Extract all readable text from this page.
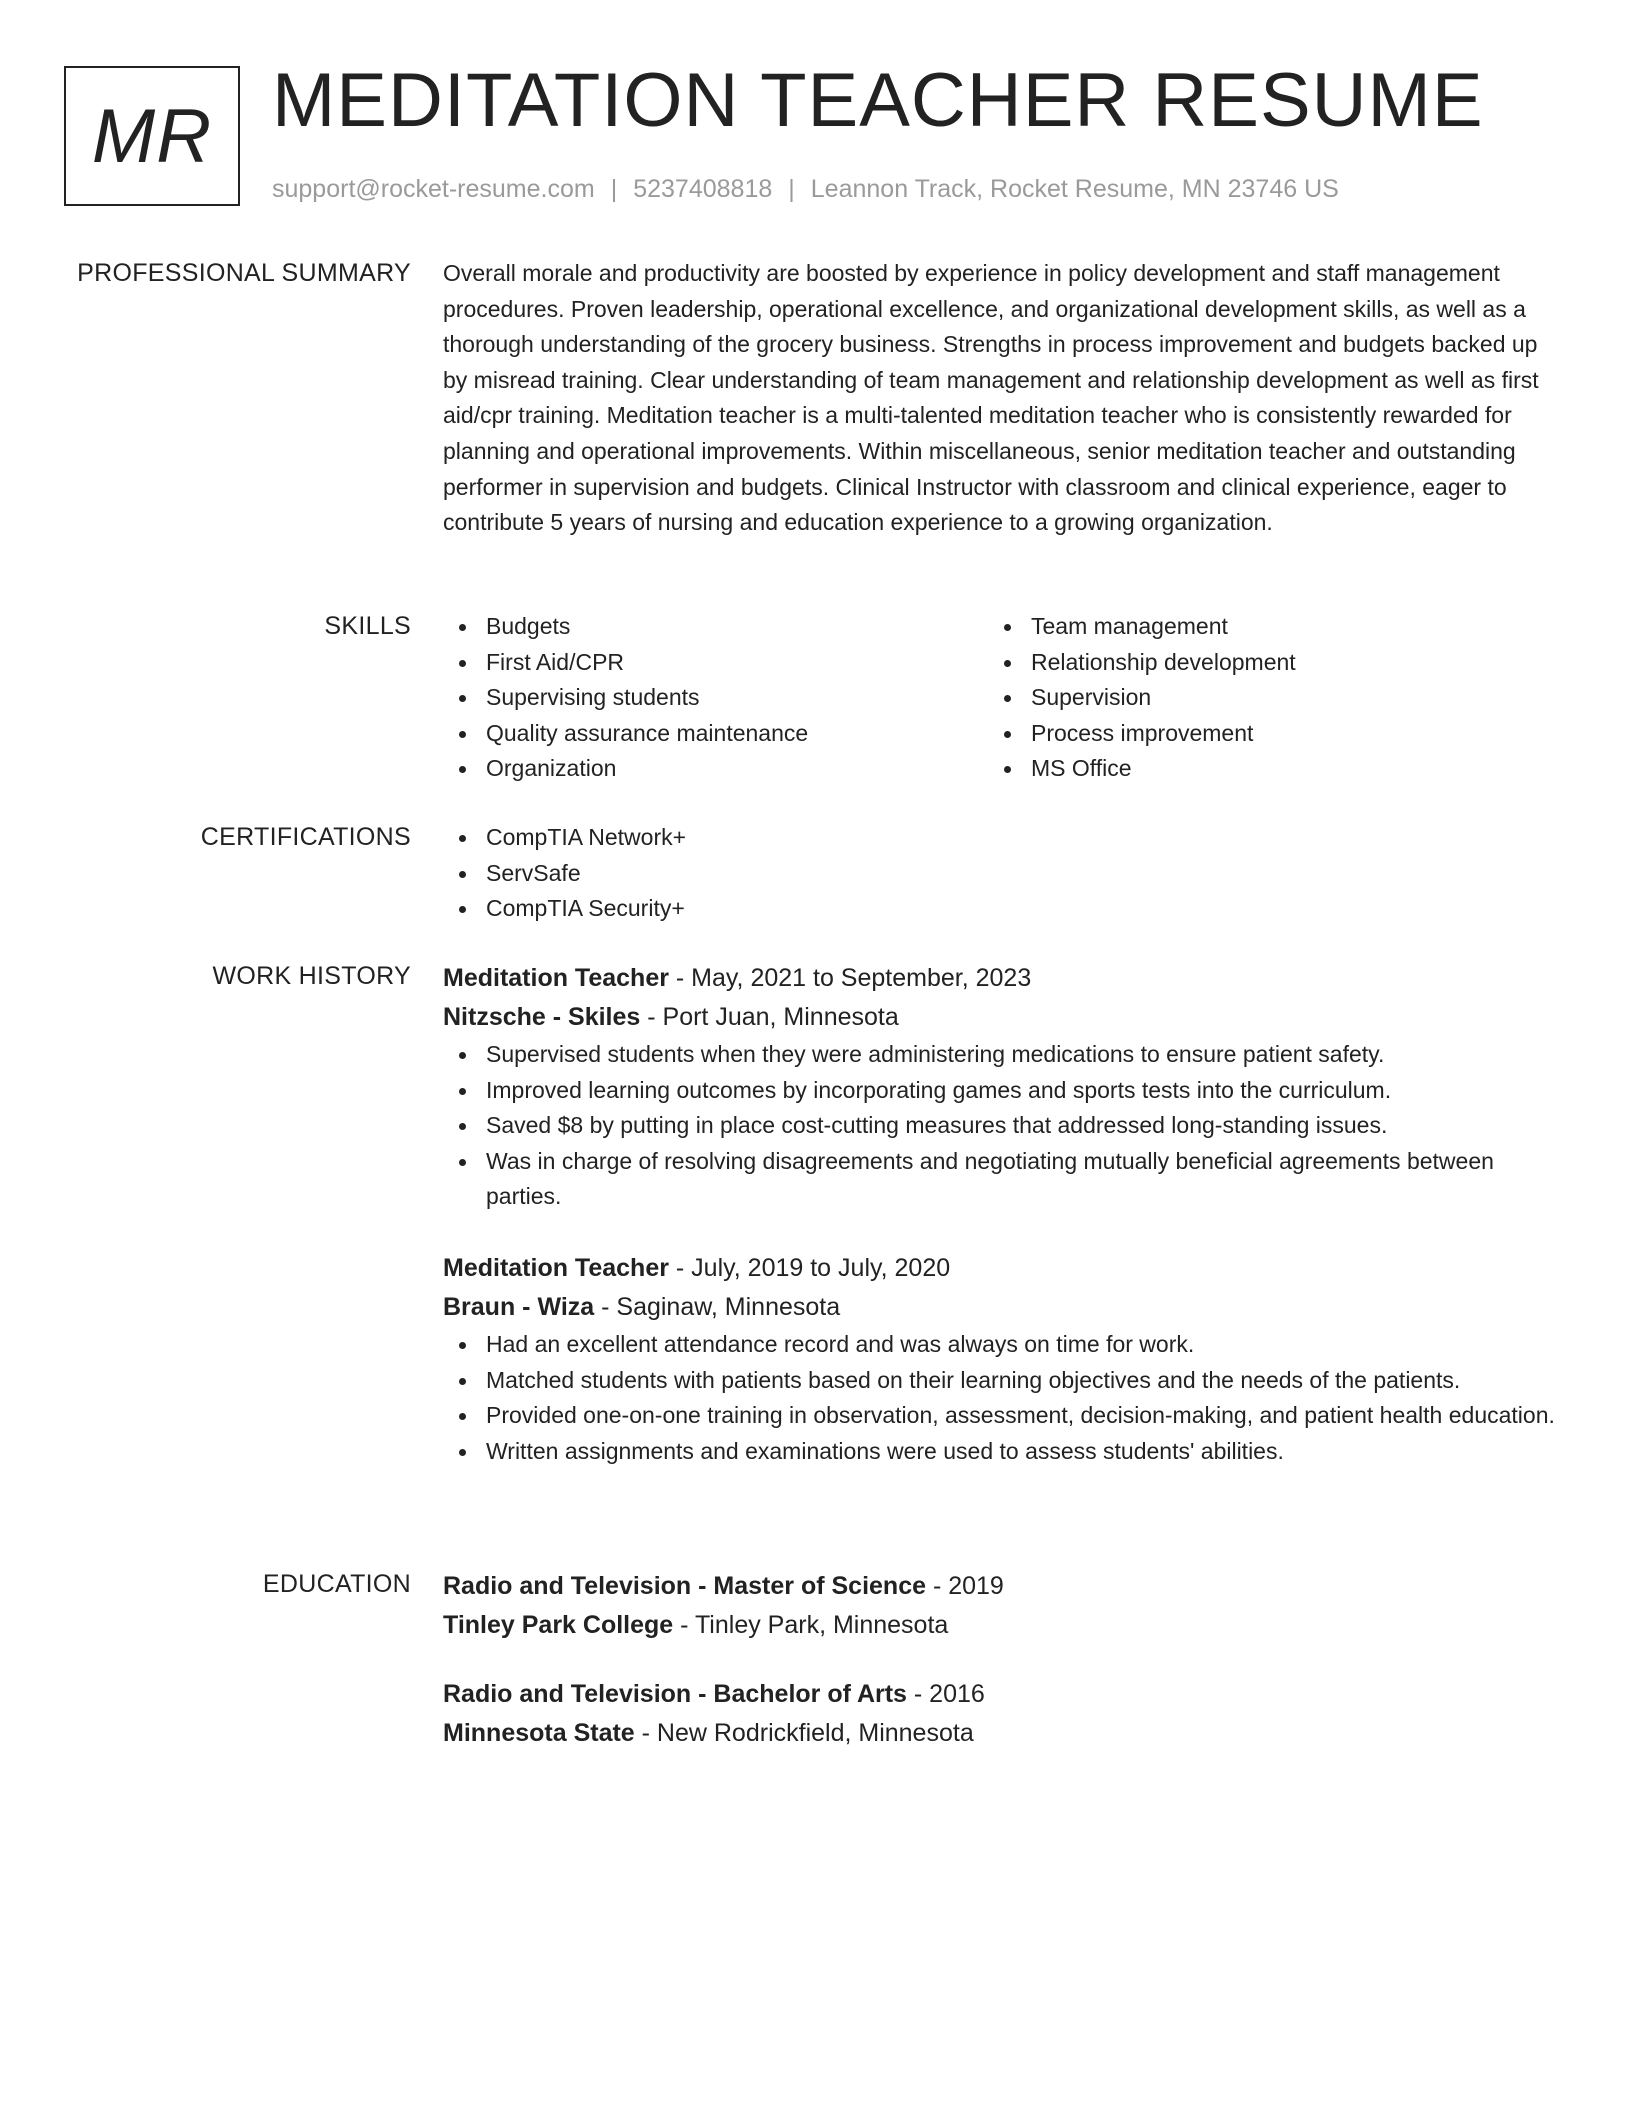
MR MEDITATION TEACHER RESUME
support@rocket-resume.com | 5237408818 | Leannon Track, Rocket Resume, MN 23746 US
PROFESSIONAL SUMMARY Overall morale and productivity are boosted by experience in policy development and staff management procedures. Proven leadership, operational excellence, and organizational development skills, as well as a thorough understanding of the grocery business. Strengths in process improvement and budgets backed up by misread training. Clear understanding of team management and relationship development as well as first aid/cpr training. Meditation teacher is a multi-talented meditation teacher who is consistently rewarded for planning and operational improvements. Within miscellaneous, senior meditation teacher and outstanding performer in supervision and budgets. Clinical Instructor with classroom and clinical experience, eager to contribute 5 years of nursing and education experience to a growing organization.

SKILLS	Budgets
First Aid/CPR
Supervising students
Quality assurance maintenance
Organization
Team management
Relationship development
Supervision
Process improvement
MS Office
CERTIFICATIONS	CompTIA Network+
ServSafe
CompTIA Security+
WORK HISTORY Meditation Teacher - May, 2021 to September, 2023
Nitzsche - Skiles - Port Juan, Minnesota
Supervised students when they were administering medications to ensure patient safety.
Improved learning outcomes by incorporating games and sports tests into the curriculum.
Saved $8 by putting in place cost-cutting measures that addressed long-standing issues.
Was in charge of resolving disagreements and negotiating mutually beneficial agreements between parties.
Meditation Teacher - July, 2019 to July, 2020
Braun - Wiza - Saginaw, Minnesota
Had an excellent attendance record and was always on time for work.
Matched students with patients based on their learning objectives and the needs of the patients.
Provided one-on-one training in observation, assessment, decision-making, and patient health education.
Written assignments and examinations were used to assess students' abilities.
EDUCATION Radio and Television - Master of Science - 2019
Tinley Park College - Tinley Park, Minnesota
Radio and Television - Bachelor of Arts - 2016
Minnesota State - New Rodrickfield, Minnesota
